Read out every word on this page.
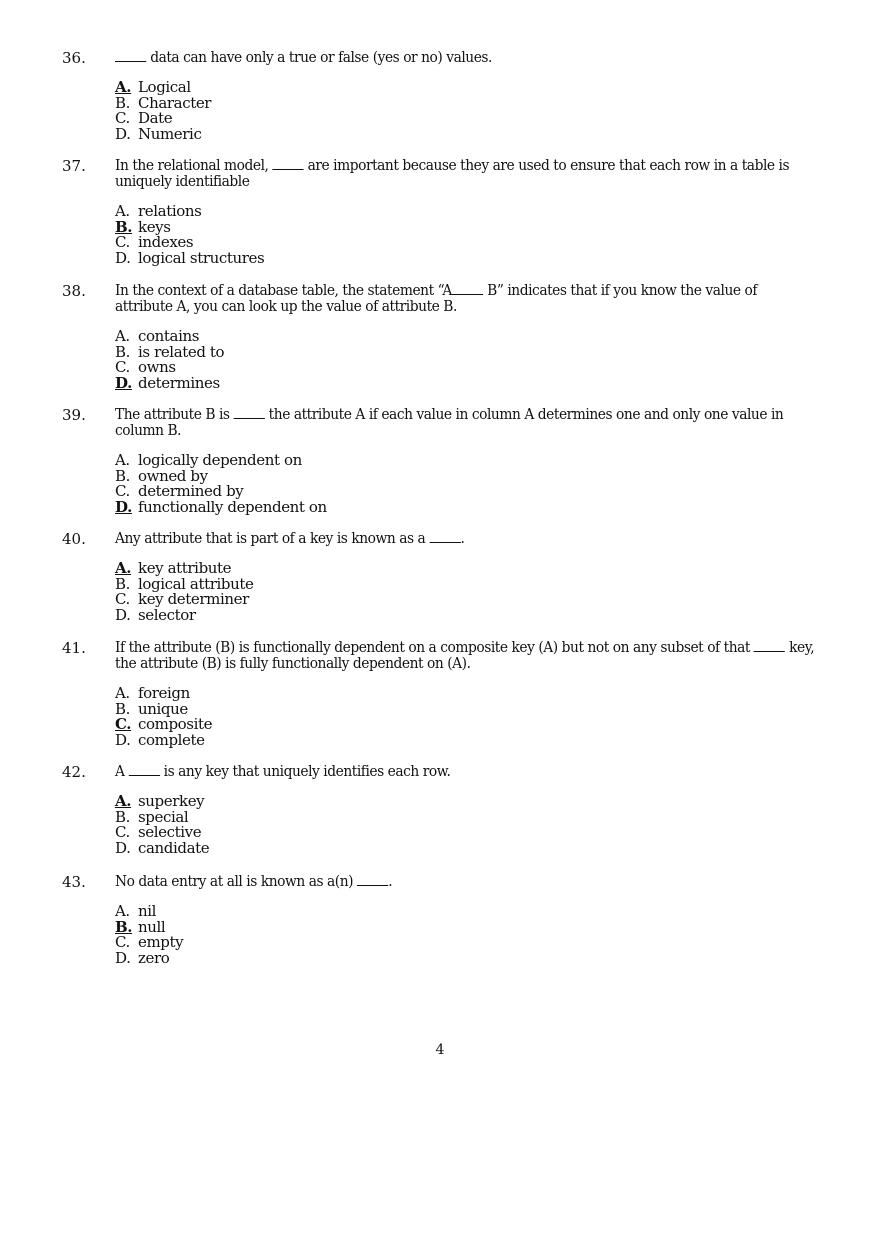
36.	data can have only a true or false (yes or no) values.
A. Logical
B. Character
C. Date
D. Numeric
37.	In the relational model,  are important because they are used to ensure that each row in a table is uniquely identifiable
A. relations
B. keys
C. indexes
D. logical structures
38.	In the context of a database table, the statement “A B” indicates that if you know the value of attribute A, you can look up the value of attribute B.
A. contains
B. is related to
C. owns
D. determines
39.	The attribute B is  the attribute A if each value in column A determines one and only one value in column B.
A. logically dependent on
B. owned by
C. determined by
D. functionally dependent on
40.	Any attribute that is part of a key is known as a .
A. key attribute
B. logical attribute
C. key determiner
D. selector
41.	If the attribute (B) is functionally dependent on a composite key (A) but not on any subset of that  key, the attribute (B) is fully functionally dependent on (A).
A. foreign
B. unique
C. composite
D. complete
42.	A  is any key that uniquely identifies each row.
A. superkey
B. special
C. selective
D. candidate
43.	No data entry at all is known as a(n) .
A. nil
B. null
C. empty
D. zero
4
